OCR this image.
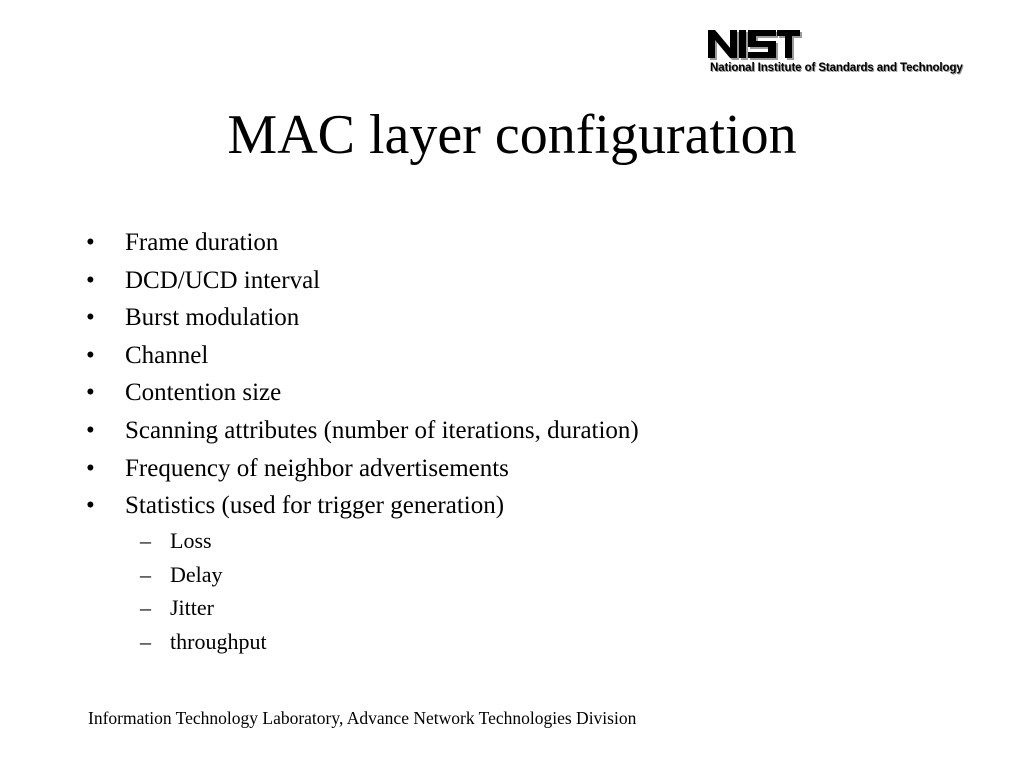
National Institute of Standards and Technology
MAC layer configuration
• Frame duration
• DCD/UCD interval
• Burst modulation
• Channel
• Contention size
• Scanning attributes (number of iterations, duration)
• Frequency of neighbor advertisements
• Statistics (used for trigger generation)
– Loss
– Delay
– Jitter
– throughput
Information Technology Laboratory, Advance Network Technologies Division
